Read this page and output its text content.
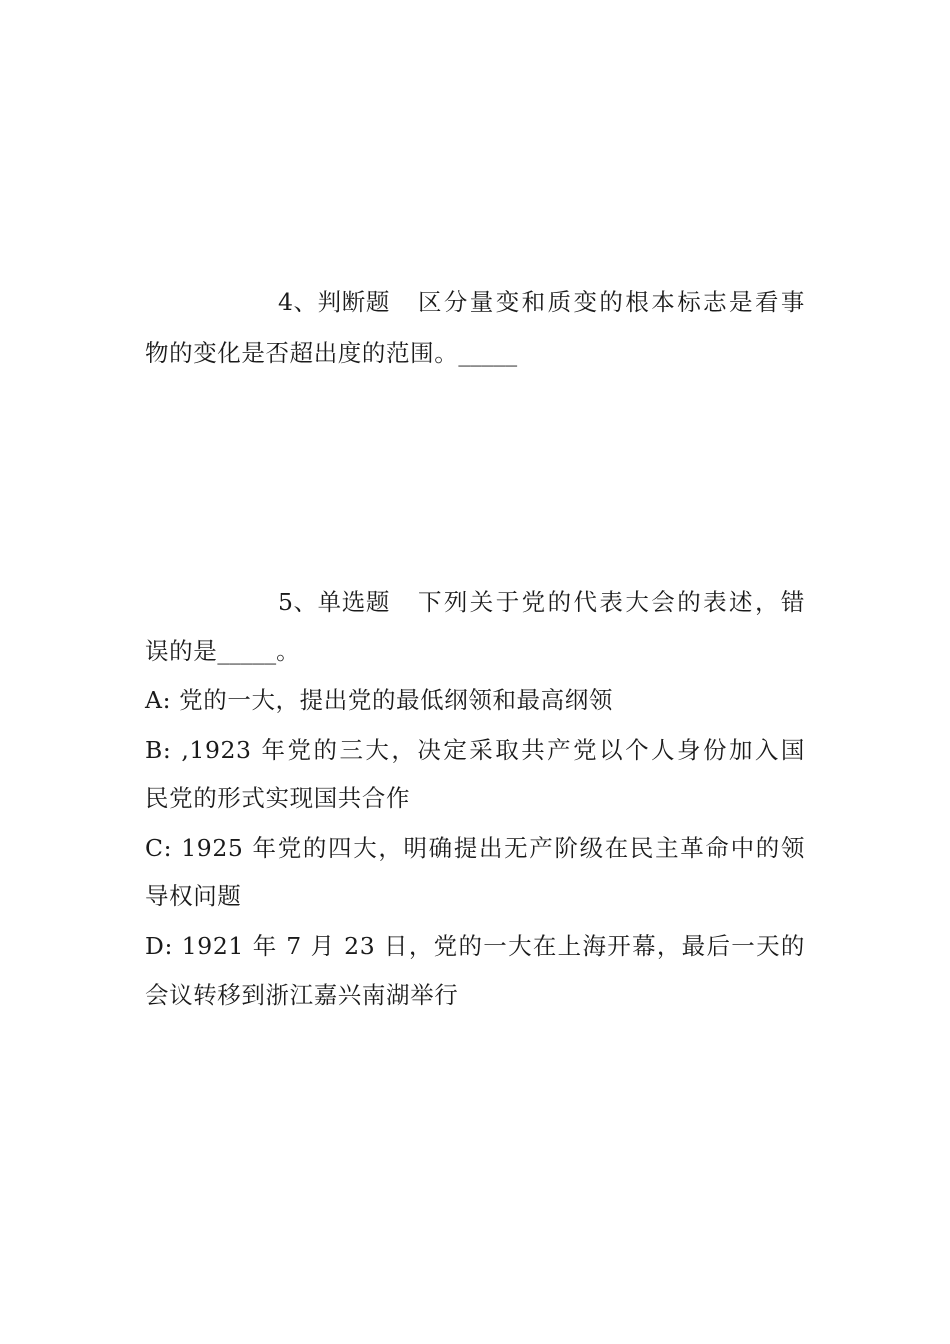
4、判断题 区分量变和质变的根本标志是看事
物的变化是否超出度的范围。_____
5、单选题 下列关于党的代表大会的表述，错
误的是_____。
A: 党的一大，提出党的最低纲领和最高纲领
B: ,1923 年党的三大，决定采取共产党以个人身份加入国
民党的形式实现国共合作
C: 1925 年党的四大，明确提出无产阶级在民主革命中的领
导权问题
D: 1921 年 7 月 23 日，党的一大在上海开幕，最后一天的
会议转移到浙江嘉兴南湖举行
